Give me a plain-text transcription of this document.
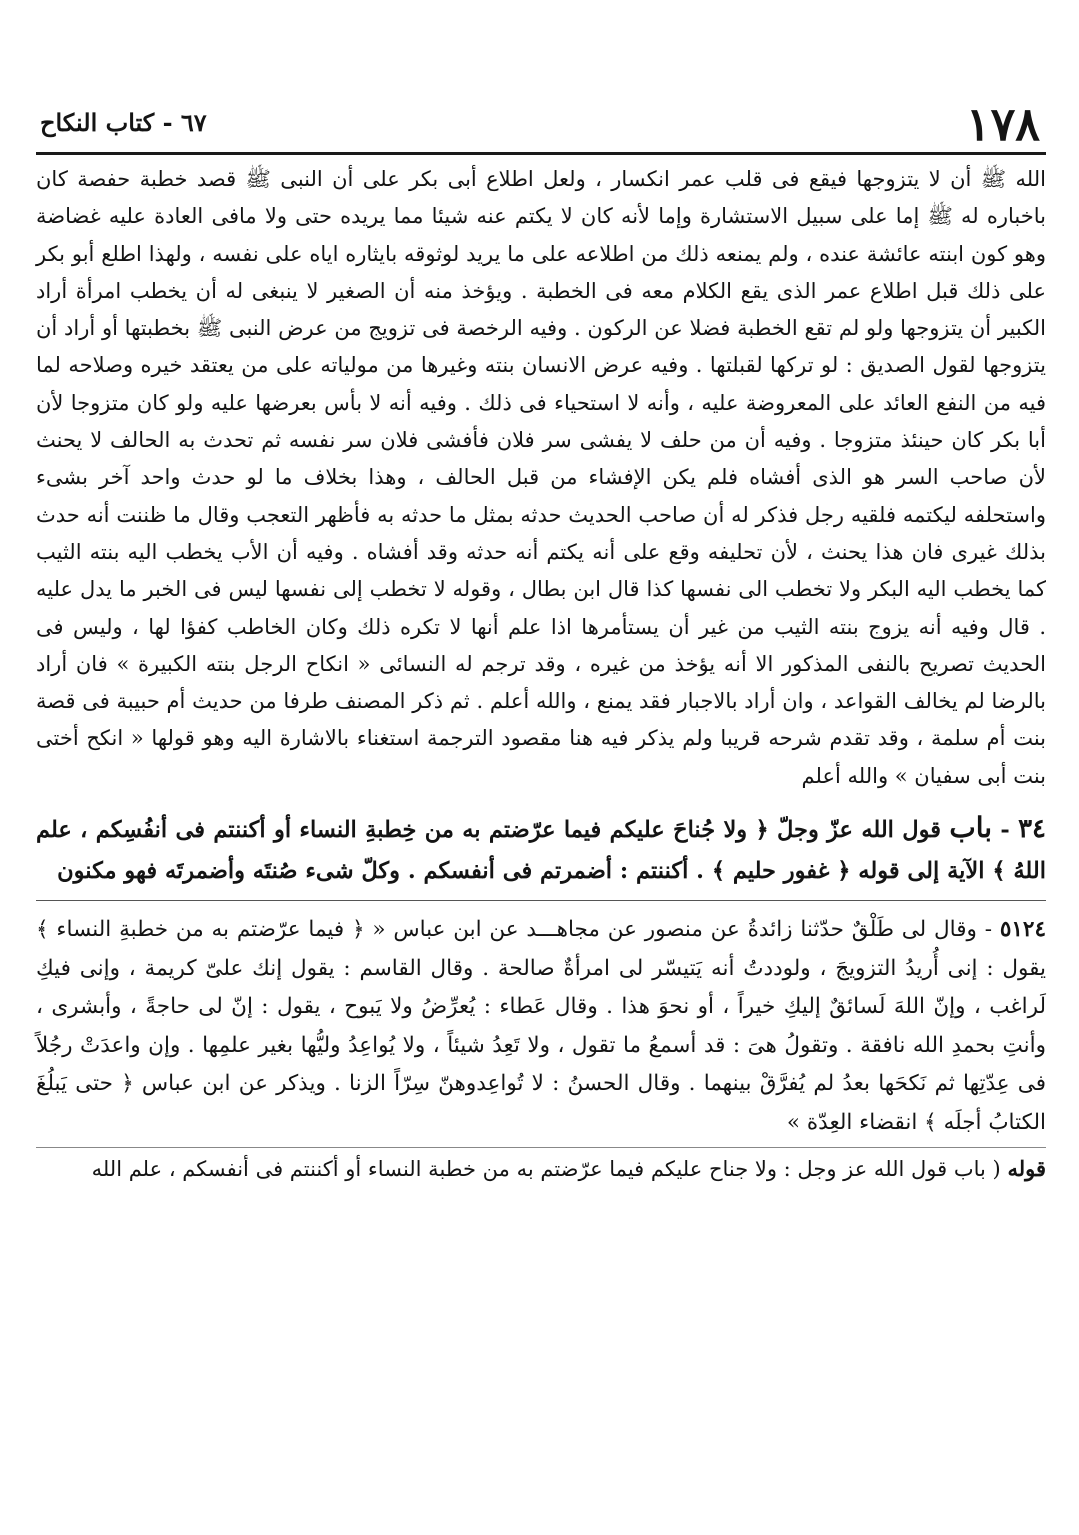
١٧٨
٦٧ - كتاب النكاح

الله ﷺ أن لا يتزوجها فيقع فى قلب عمر انكسار ، ولعل اطلاع أبى بكر على أن النبى ﷺ قصد خطبة حفصة كان باخباره له ﷺ إما على سبيل الاستشارة وإما لأنه كان لا يكتم عنه شيئا مما يريده حتى ولا مافى العادة عليه غضاضة وهو كون ابنته عائشة عنده ، ولم يمنعه ذلك من اطلاعه على ما يريد لوثوقه بايثاره اياه على نفسه ، ولهذا اطلع أبو بكر على ذلك قبل اطلاع عمر الذى يقع الكلام معه فى الخطبة . ويؤخذ منه أن الصغير لا ينبغى له أن يخطب امرأة أراد الكبير أن يتزوجها ولو لم تقع الخطبة فضلا عن الركون . وفيه الرخصة فى تزويج من عرض النبى ﷺ بخطبتها أو أراد أن يتزوجها لقول الصديق : لو تركها لقبلتها . وفيه عرض الانسان بنته وغيرها من مولياته على من يعتقد خيره وصلاحه لما فيه من النفع العائد على المعروضة عليه ، وأنه لا استحياء فى ذلك . وفيه أنه لا بأس بعرضها عليه ولو كان متزوجا لأن أبا بكر كان حينئذ متزوجا . وفيه أن من حلف لا يفشى سر فلان فأفشى فلان سر نفسه ثم تحدث به الحالف لا يحنث لأن صاحب السر هو الذى أفشاه فلم يكن الإفشاء من قبل الحالف ، وهذا بخلاف ما لو حدث واحد آخر بشىء واستحلفه ليكتمه فلقيه رجل فذكر له أن صاحب الحديث حدثه بمثل ما حدثه به فأظهر التعجب وقال ما ظننت أنه حدث بذلك غيرى فان هذا يحنث ، لأن تحليفه وقع على أنه يكتم أنه حدثه وقد أفشاه . وفيه أن الأب يخطب اليه بنته الثيب كما يخطب اليه البكر ولا تخطب الى نفسها كذا قال ابن بطال ، وقوله لا تخطب إلى نفسها ليس فى الخبر ما يدل عليه . قال وفيه أنه يزوج بنته الثيب من غير أن يستأمرها اذا علم أنها لا تكره ذلك وكان الخاطب كفؤا لها ، وليس فى الحديث تصريح بالنفى المذكور الا أنه يؤخذ من غيره ، وقد ترجم له النسائى « انكاح الرجل بنته الكبيرة » فان أراد بالرضا لم يخالف القواعد ، وان أراد بالاجبار فقد يمنع ، والله أعلم . ثم ذكر المصنف طرفا من حديث أم حبيبة فى قصة بنت أم سلمة ، وقد تقدم شرحه قريبا ولم يذكر فيه هنا مقصود الترجمة استغناء بالاشارة اليه وهو قولها « انكح أختى بنت أبى سفيان » والله أعلم

٣٤ - باب قول الله عزّ وجلّ ﴿ ولا جُناحَ عليكم فيما عرّضتم به من خِطبةِ النساء أو أكننتم فى أنفُسِكم ، علم اللهُ ﴾ الآية إلى قوله ﴿ غفور حليم ﴾ . أكننتم : أضمرتم فى أنفسكم . وكلّ شىء صُنتَه وأضمرتَه فهو مكنون

٥١٢٤ - وقال لى طَلْقٌ حدّثنا زائدةُ عن منصور عن مجاهـــد عن ابن عباس « ﴿ فيما عرّضتم به من خطبةِ النساء ﴾ يقول : إنى أُريدُ التزويجَ ، ولوددتُ أنه يَتيسّر لى امرأةٌ صالحة . وقال القاسم : يقول إنك علىّ كريمة ، وإنى فيكِ لَراغب ، وإنّ اللهَ لَسائقٌ إليكِ خيراً ، أو نحوَ هذا . وقال عَطاء : يُعرِّضُ ولا يَبوح ، يقول : إنّ لى حاجةً ، وأبشرى ، وأنتِ بحمدِ الله نافقة . وتقولُ هىَ : قد أسمعُ ما تقول ، ولا تَعِدُ شيئاً ، ولا يُواعِدُ وليُّها بغير علمِها . وإن واعدَتْ رجُلاً فى عِدّتِها ثم نَكحَها بعدُ لم يُفرَّقْ بينهما . وقال الحسنُ : لا تُواعِدوهنّ سِرّاً الزنا . ويذكر عن ابن عباس ﴿ حتى يَبلُغَ الكتابُ أجلَه ﴾ انقضاء العِدّة »

قوله ( باب قول الله عز وجل : ولا جناح عليكم فيما عرّضتم به من خطبة النساء أو أكننتم فى أنفسكم ، علم الله
